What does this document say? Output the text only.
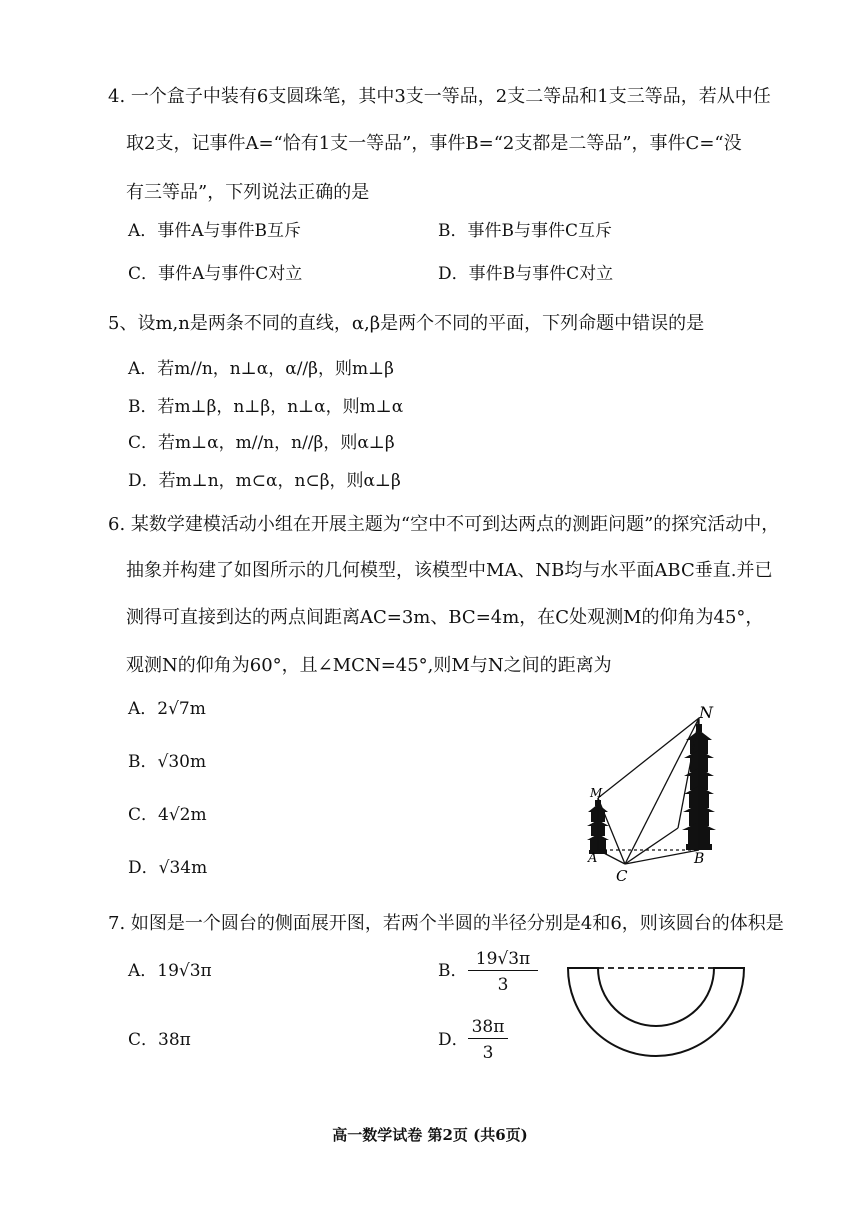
4. 一个盒子中装有6支圆珠笔，其中3支一等品，2支二等品和1支三等品，若从中任
取2支，记事件A=“恰有1支一等品”，事件B=“2支都是二等品”，事件C=“没
有三等品”，下列说法正确的是
A．事件A与事件B互斥	B．事件B与事件C互斥
C．事件A与事件C对立	D．事件B与事件C对立
5、设m,n是两条不同的直线，α,β是两个不同的平面，下列命题中错误的是
A．若m//n，n⊥α，α//β，则m⊥β
B．若m⊥β，n⊥β，n⊥α，则m⊥α
C．若m⊥α，m//n，n//β，则α⊥β
D．若m⊥n，m⊂α，n⊂β，则α⊥β
6. 某数学建模活动小组在开展主题为“空中不可到达两点的测距问题”的探究活动中，
抽象并构建了如图所示的几何模型，该模型中MA、NB均与水平面ABC垂直.并已
测得可直接到达的两点间距离AC=3m、BC=4m，在C处观测M的仰角为45°，
观测N的仰角为60°，且∠MCN=45°,则M与N之间的距离为
A．2√7m
B．√30m
C．4√2m
D．√34m
N
M
A	B
C
7. 如图是一个圆台的侧面展开图，若两个半圆的半径分别是4和6，则该圆台的体积是
A．19√3π	B．
19√3π
3
C．38π	D．
38π
3
高一数学试卷 第2页 (共6页)
